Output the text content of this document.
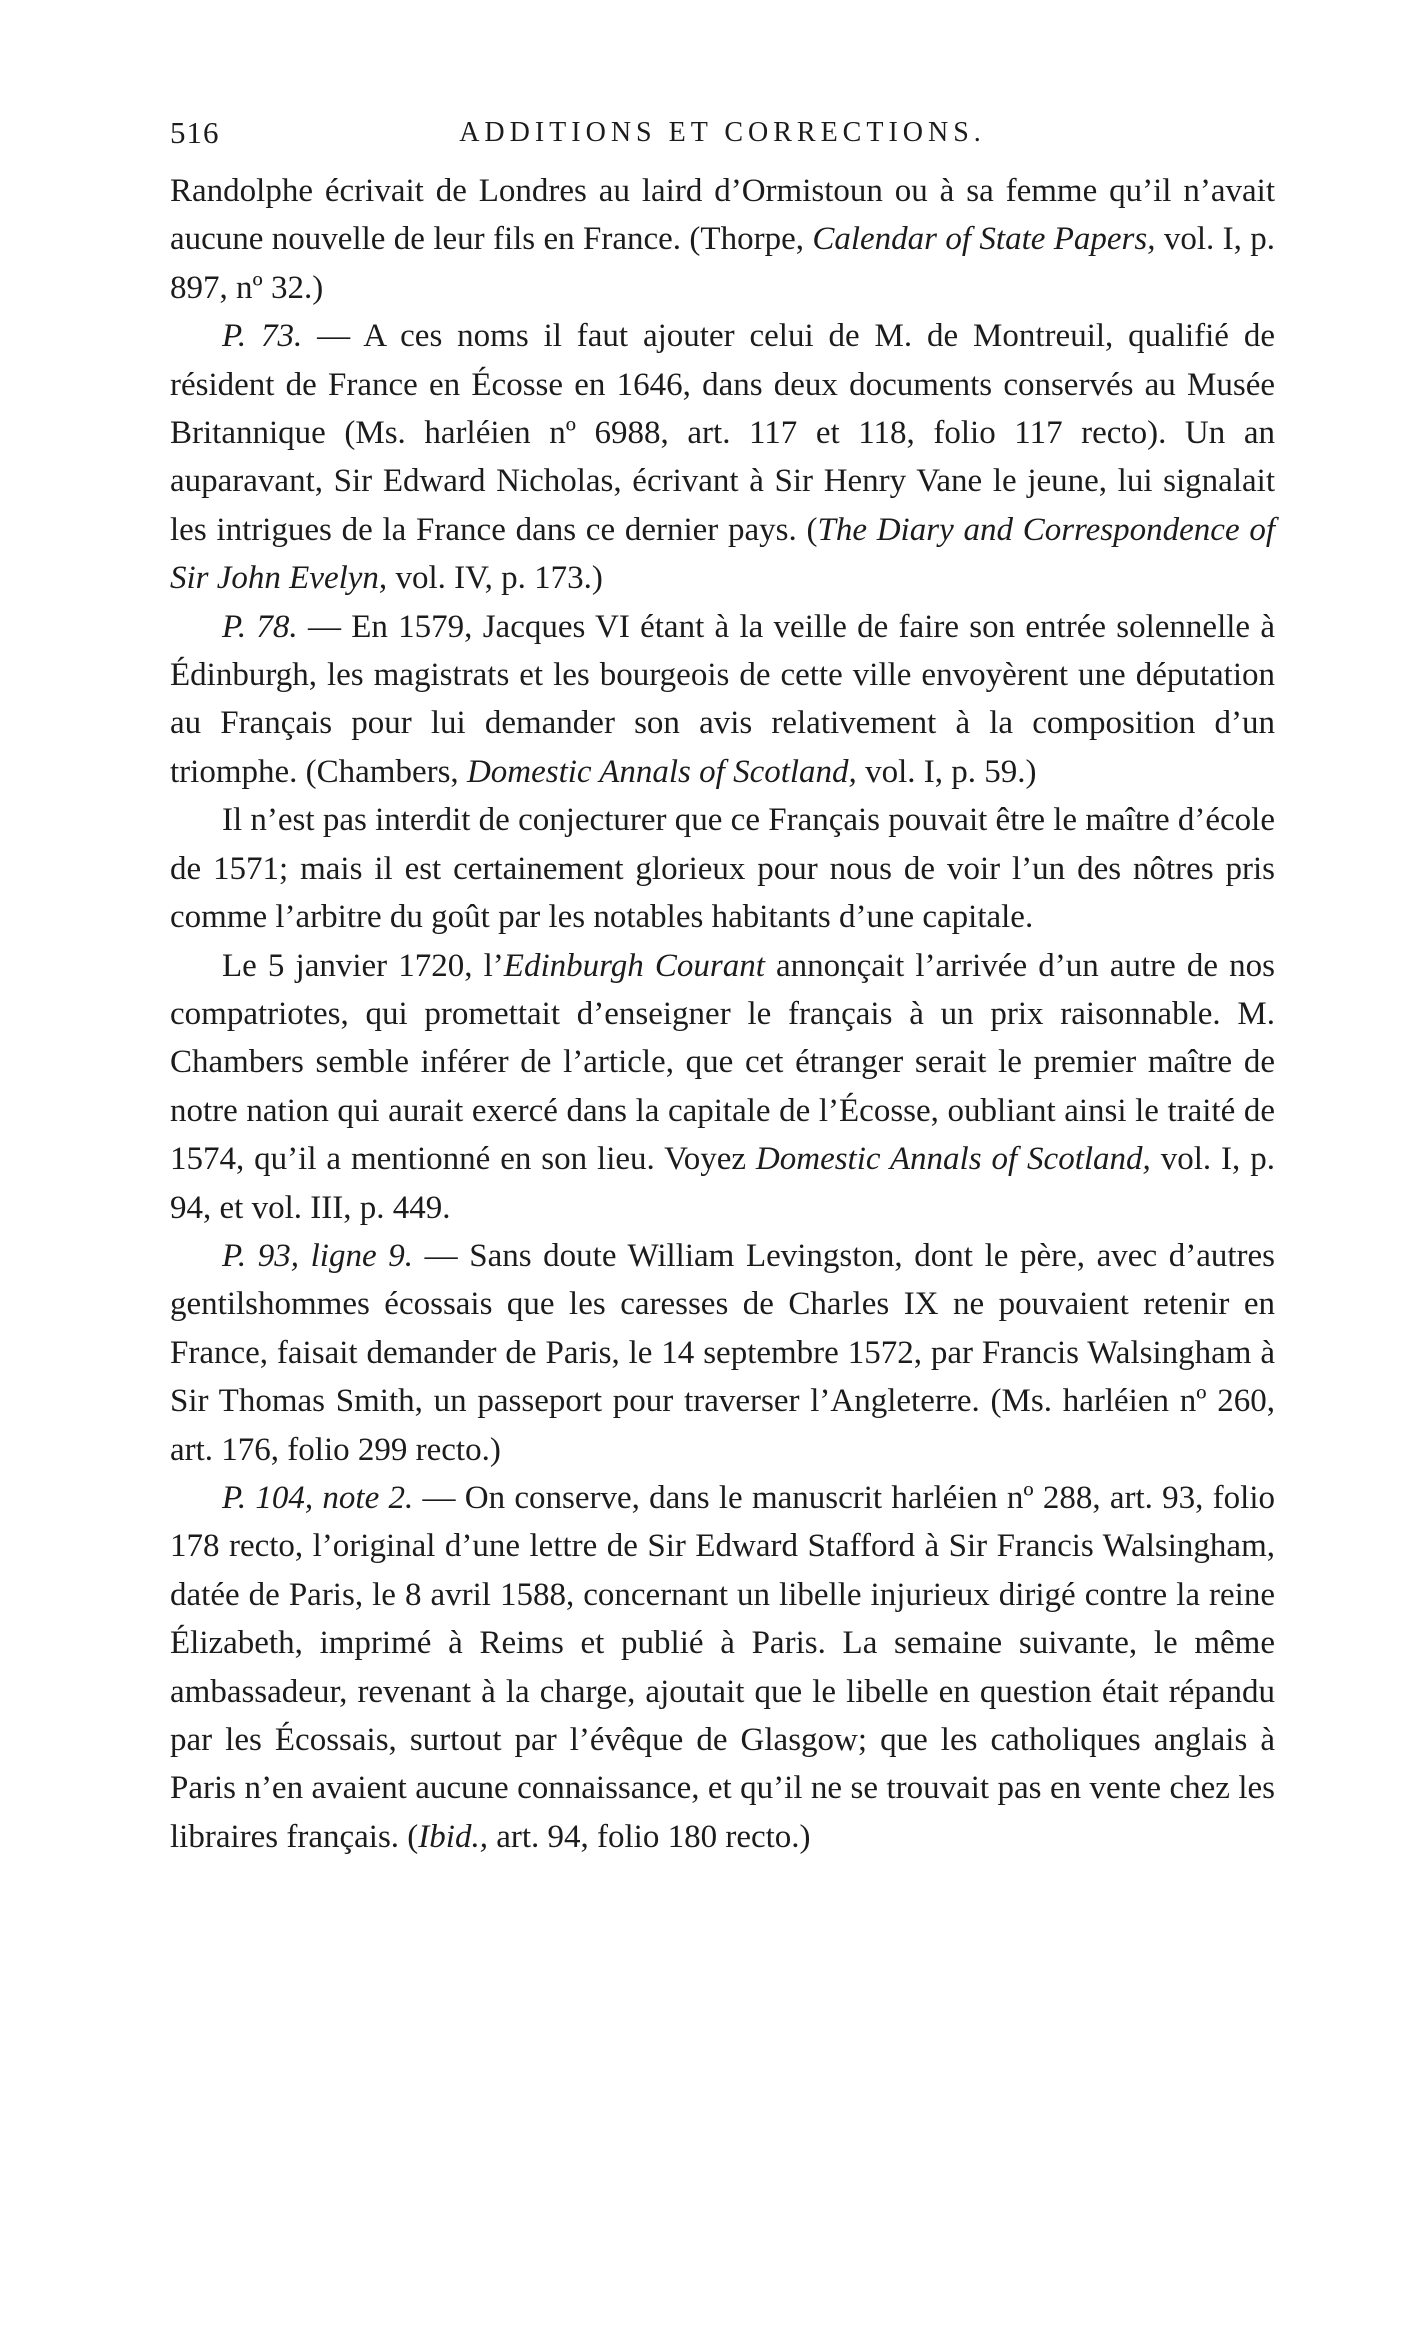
516	ADDITIONS ET CORRECTIONS.

Randolphe écrivait de Londres au laird d’Ormistoun ou à sa femme qu’il n’avait aucune nouvelle de leur fils en France. (Thorpe, Calendar of State Papers, vol. I, p. 897, nº 32.)

P. 73. — A ces noms il faut ajouter celui de M. de Montreuil, qualifié de résident de France en Écosse en 1646, dans deux documents conservés au Musée Britannique (Ms. harléien nº 6988, art. 117 et 118, folio 117 recto). Un an auparavant, Sir Edward Nicholas, écrivant à Sir Henry Vane le jeune, lui signalait les intrigues de la France dans ce dernier pays. (The Diary and Correspondence of Sir John Evelyn, vol. IV, p. 173.)

P. 78. — En 1579, Jacques VI étant à la veille de faire son entrée solennelle à Édinburgh, les magistrats et les bourgeois de cette ville envoyèrent une députation au Français pour lui demander son avis relativement à la composition d’un triomphe. (Chambers, Domestic Annals of Scotland, vol. I, p. 59.)

Il n’est pas interdit de conjecturer que ce Français pouvait être le maître d’école de 1571; mais il est certainement glorieux pour nous de voir l’un des nôtres pris comme l’arbitre du goût par les notables habitants d’une capitale.

Le 5 janvier 1720, l’Edinburgh Courant annonçait l’arrivée d’un autre de nos compatriotes, qui promettait d’enseigner le français à un prix raisonnable. M. Chambers semble inférer de l’article, que cet étranger serait le premier maître de notre nation qui aurait exercé dans la capitale de l’Écosse, oubliant ainsi le traité de 1574, qu’il a mentionné en son lieu. Voyez Domestic Annals of Scotland, vol. I, p. 94, et vol. III, p. 449.

P. 93, ligne 9. — Sans doute William Levingston, dont le père, avec d’autres gentilshommes écossais que les caresses de Charles IX ne pouvaient retenir en France, faisait demander de Paris, le 14 septembre 1572, par Francis Walsingham à Sir Thomas Smith, un passeport pour traverser l’Angleterre. (Ms. harléien nº 260, art. 176, folio 299 recto.)

P. 104, note 2. — On conserve, dans le manuscrit harléien nº 288, art. 93, folio 178 recto, l’original d’une lettre de Sir Edward Stafford à Sir Francis Walsingham, datée de Paris, le 8 avril 1588, concernant un libelle injurieux dirigé contre la reine Élizabeth, imprimé à Reims et publié à Paris. La semaine suivante, le même ambassadeur, revenant à la charge, ajoutait que le libelle en question était répandu par les Écossais, surtout par l’évêque de Glasgow; que les catholiques anglais à Paris n’en avaient aucune connaissance, et qu’il ne se trouvait pas en vente chez les libraires français. (Ibid., art. 94, folio 180 recto.)
